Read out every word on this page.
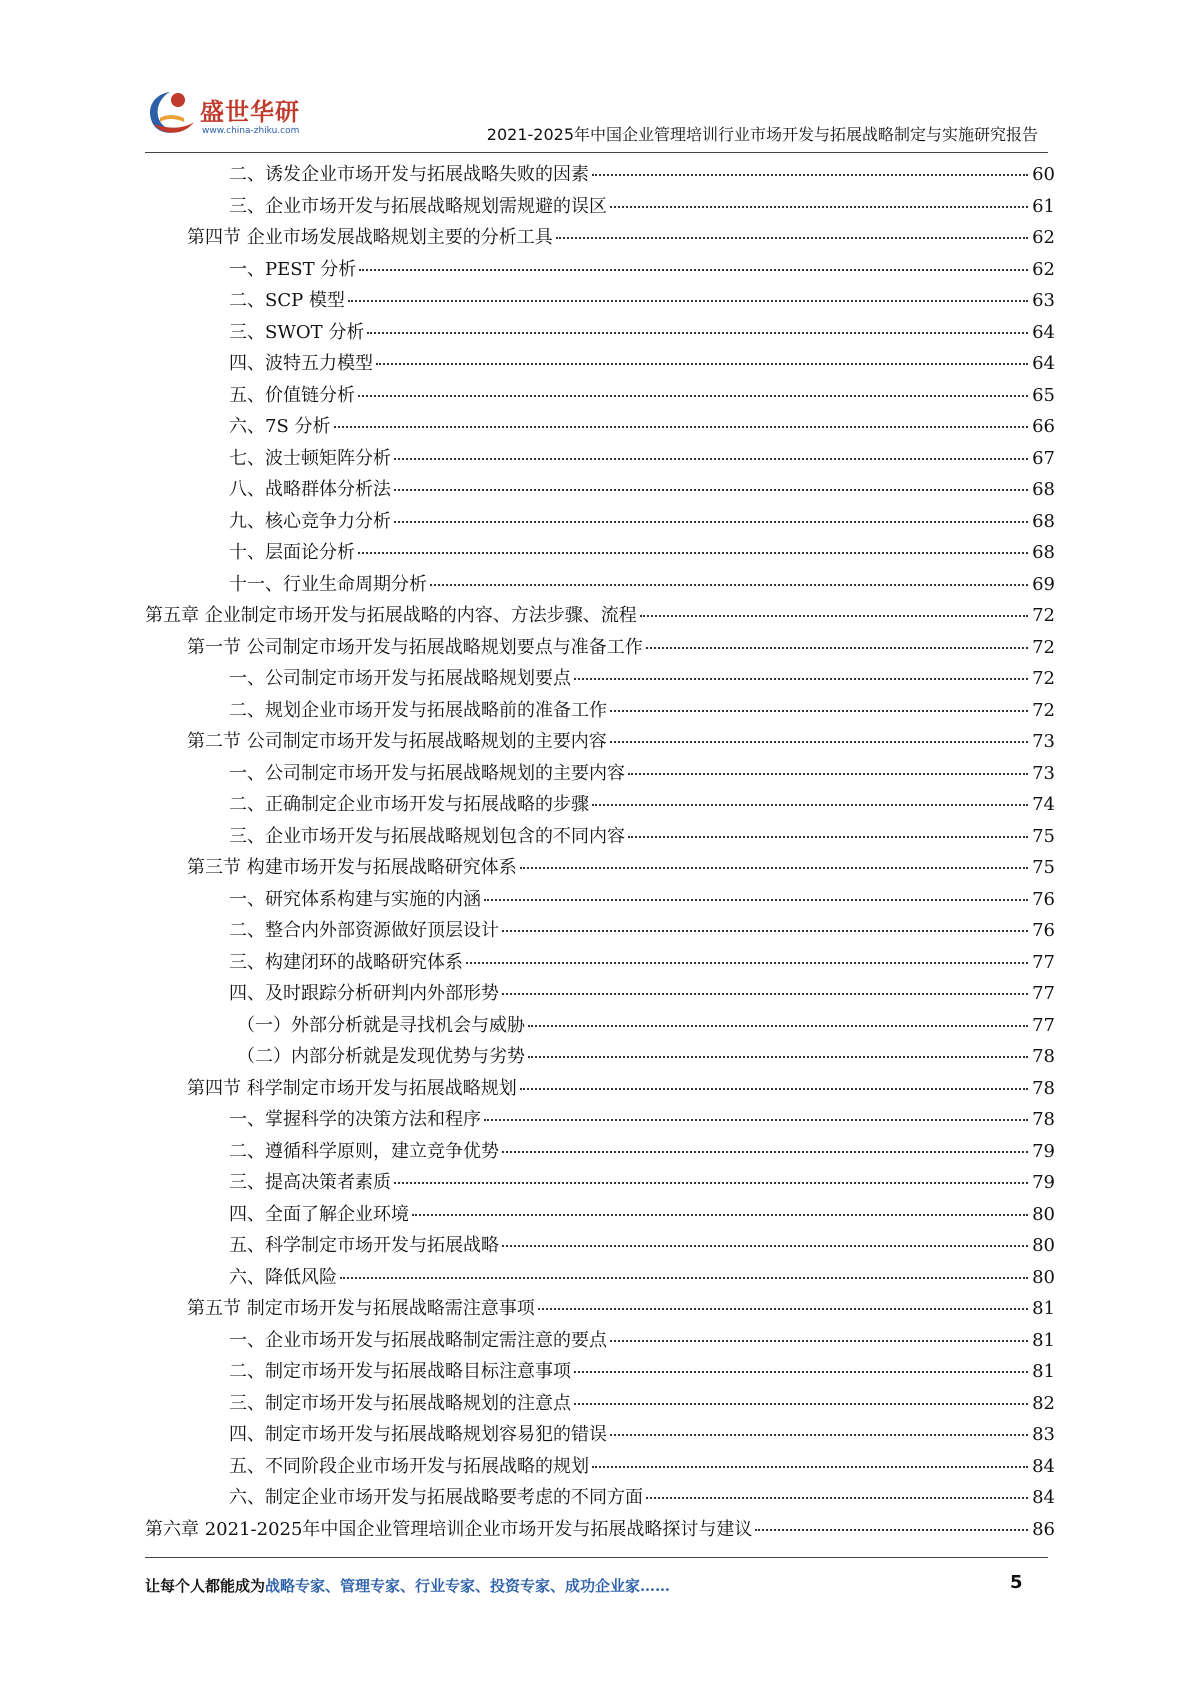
盛世华研
www.china-zhiku.com	2021-2025年中国企业管理培训行业市场开发与拓展战略制定与实施研究报告
二、诱发企业市场开发与拓展战略失败的因素	60
三、企业市场开发与拓展战略规划需规避的误区	61
第四节 企业市场发展战略规划主要的分析工具	62
一、PEST 分析	62
二、SCP 模型	63
三、SWOT 分析	64
四、波特五力模型	64
五、价值链分析	65
六、7S 分析	66
七、波士顿矩阵分析	67
八、战略群体分析法	68
九、核心竞争力分析	68
十、层面论分析	68
十一、行业生命周期分析	69
第五章 企业制定市场开发与拓展战略的内容、方法步骤、流程	72
第一节 公司制定市场开发与拓展战略规划要点与准备工作	72
一、公司制定市场开发与拓展战略规划要点	72
二、规划企业市场开发与拓展战略前的准备工作	72
第二节 公司制定市场开发与拓展战略规划的主要内容	73
一、公司制定市场开发与拓展战略规划的主要内容	73
二、正确制定企业市场开发与拓展战略的步骤	74
三、企业市场开发与拓展战略规划包含的不同内容	75
第三节 构建市场开发与拓展战略研究体系	75
一、研究体系构建与实施的内涵	76
二、整合内外部资源做好顶层设计	76
三、构建闭环的战略研究体系	77
四、及时跟踪分析研判内外部形势	77
（一）外部分析就是寻找机会与威胁	77
（二）内部分析就是发现优势与劣势	78
第四节 科学制定市场开发与拓展战略规划	78
一、掌握科学的决策方法和程序	78
二、遵循科学原则，建立竞争优势	79
三、提高决策者素质	79
四、全面了解企业环境	80
五、科学制定市场开发与拓展战略	80
六、降低风险	80
第五节 制定市场开发与拓展战略需注意事项	81
一、企业市场开发与拓展战略制定需注意的要点	81
二、制定市场开发与拓展战略目标注意事项	81
三、制定市场开发与拓展战略规划的注意点	82
四、制定市场开发与拓展战略规划容易犯的错误	83
五、不同阶段企业市场开发与拓展战略的规划	84
六、制定企业市场开发与拓展战略要考虑的不同方面	84
第六章 2021-2025年中国企业管理培训企业市场开发与拓展战略探讨与建议	86
让每个人都能成为战略专家、管理专家、行业专家、投资专家、成功企业家……	5
